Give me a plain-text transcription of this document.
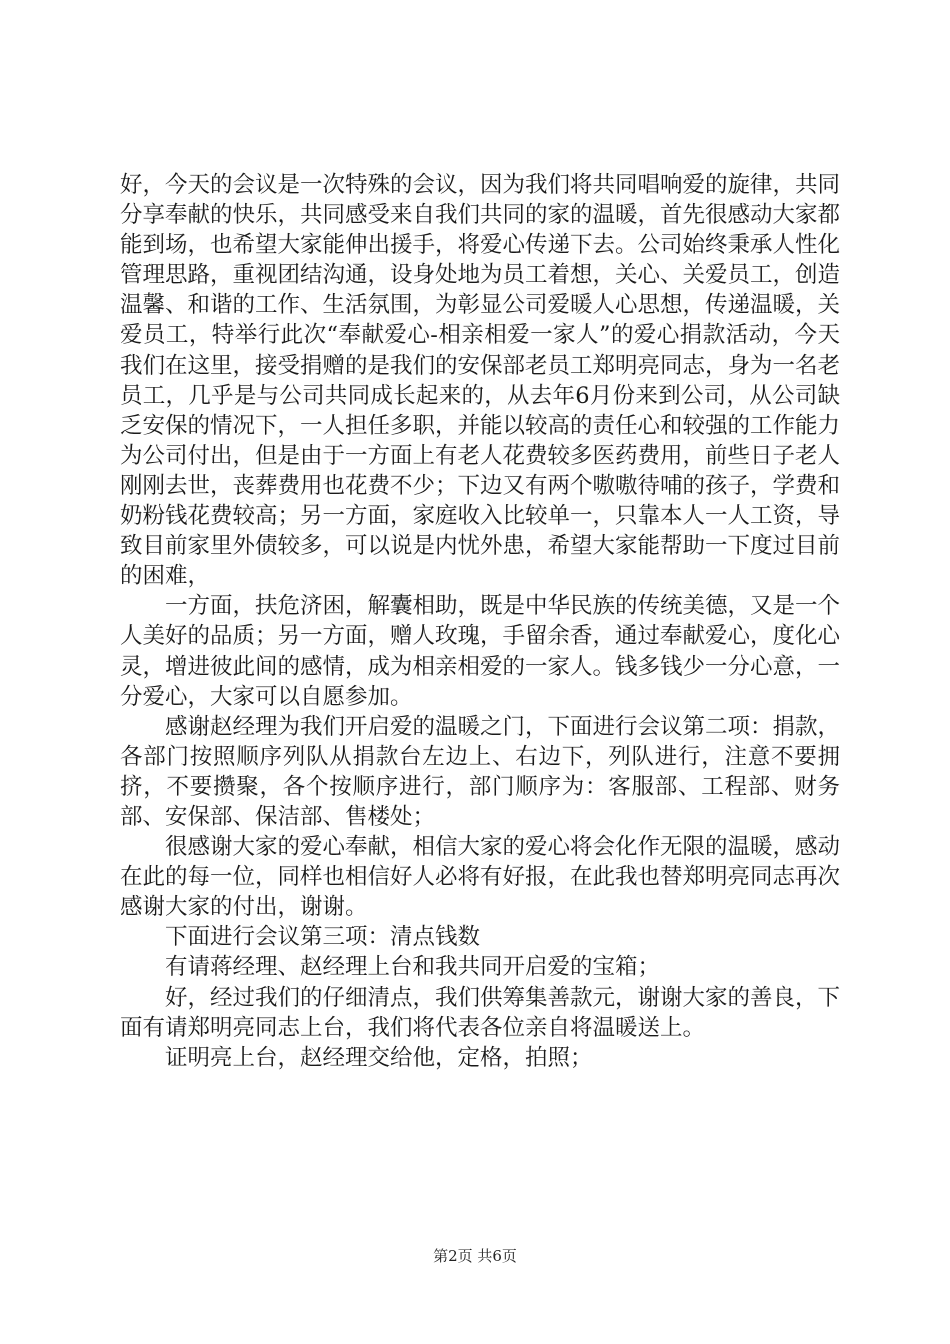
好，今天的会议是一次特殊的会议，因为我们将共同唱响爱的旋律，共同分享奉献的快乐，共同感受来自我们共同的家的温暖，首先很感动大家都能到场，也希望大家能伸出援手，将爱心传递下去。公司始终秉承人性化管理思路，重视团结沟通，设身处地为员工着想，关心、关爱员工，创造温馨、和谐的工作、生活氛围，为彰显公司爱暖人心思想，传递温暖，关爱员工，特举行此次“奉献爱心-相亲相爱一家人”的爱心捐款活动，今天我们在这里，接受捐赠的是我们的安保部老员工郑明亮同志，身为一名老员工，几乎是与公司共同成长起来的，从去年6月份来到公司，从公司缺乏安保的情况下，一人担任多职，并能以较高的责任心和较强的工作能力为公司付出，但是由于一方面上有老人花费较多医药费用，前些日子老人刚刚去世，丧葬费用也花费不少；下边又有两个嗷嗷待哺的孩子，学费和奶粉钱花费较高；另一方面，家庭收入比较单一，只靠本人一人工资，导致目前家里外债较多，可以说是内忧外患，希望大家能帮助一下度过目前的困难，

一方面，扶危济困，解囊相助，既是中华民族的传统美德，又是一个人美好的品质；另一方面，赠人玫瑰，手留余香，通过奉献爱心，度化心灵，增进彼此间的感情，成为相亲相爱的一家人。钱多钱少一分心意，一分爱心，大家可以自愿参加。

感谢赵经理为我们开启爱的温暖之门，下面进行会议第二项：捐款，各部门按照顺序列队从捐款台左边上、右边下，列队进行，注意不要拥挤，不要攒聚，各个按顺序进行，部门顺序为：客服部、工程部、财务部、安保部、保洁部、售楼处；

很感谢大家的爱心奉献，相信大家的爱心将会化作无限的温暖，感动在此的每一位，同样也相信好人必将有好报，在此我也替郑明亮同志再次感谢大家的付出，谢谢。

下面进行会议第三项：清点钱数

有请蒋经理、赵经理上台和我共同开启爱的宝箱；

好，经过我们的仔细清点，我们供筹集善款元，谢谢大家的善良，下面有请郑明亮同志上台，我们将代表各位亲自将温暖送上。

证明亮上台，赵经理交给他，定格，拍照；

第2页 共6页
